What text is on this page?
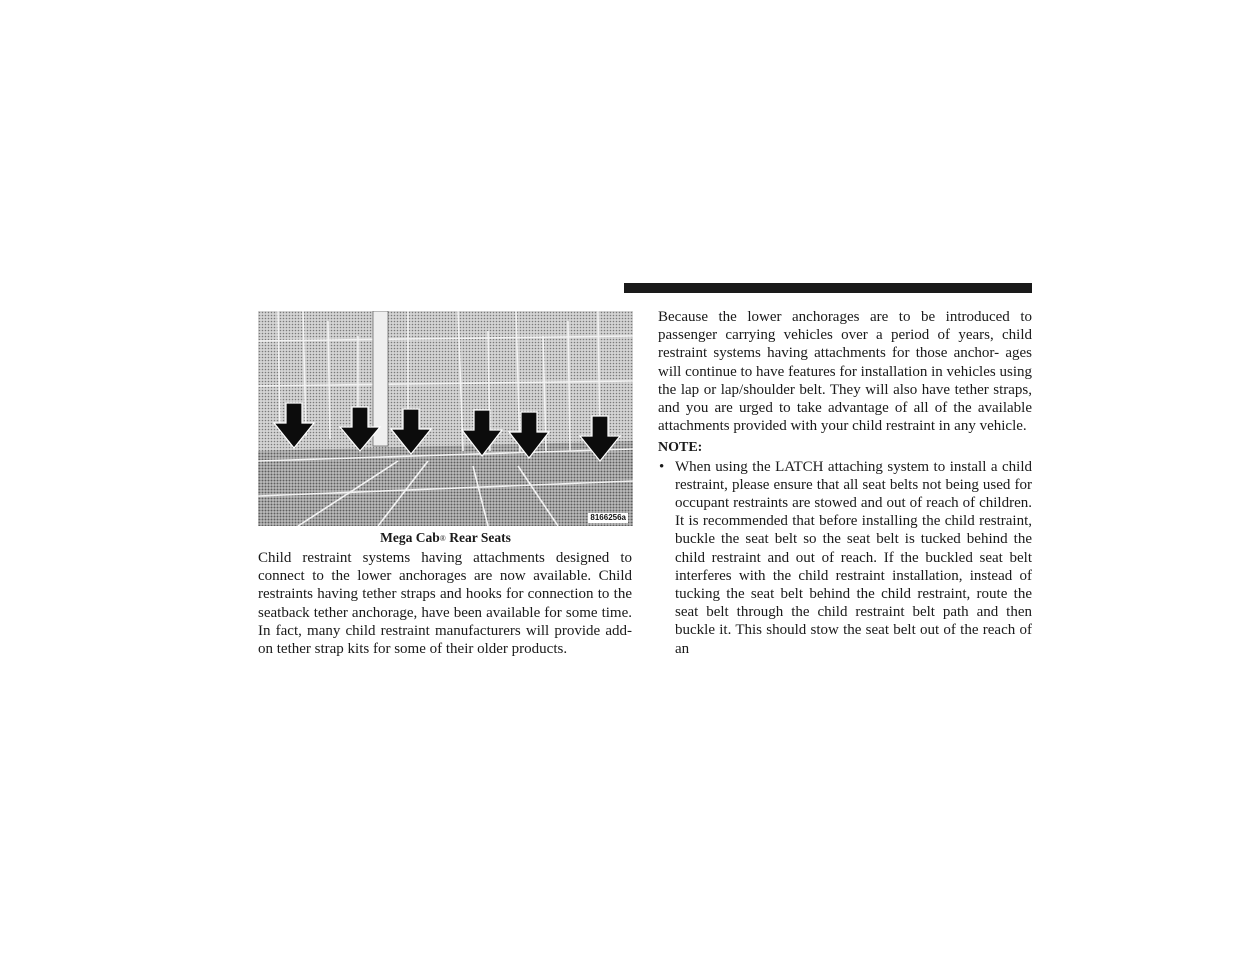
8166256a
Mega Cab® Rear Seats

Child restraint systems having attachments designed to connect to the lower anchorages are now available. Child restraints having tether straps and hooks for connection to the seatback tether anchorage, have been available for some time. In fact, many child restraint manufacturers will provide add-on tether strap kits for some of their older products.

Because the lower anchorages are to be introduced to passenger carrying vehicles over a period of years, child restraint systems having attachments for those anchor- ages will continue to have features for installation in vehicles using the lap or lap/shoulder belt. They will also have tether straps, and you are urged to take advantage of all of the available attachments provided with your child restraint in any vehicle.

NOTE:
• When using the LATCH attaching system to install a child restraint, please ensure that all seat belts not being used for occupant restraints are stowed and out of reach of children. It is recommended that before installing the child restraint, buckle the seat belt so the seat belt is tucked behind the child restraint and out of reach. If the buckled seat belt interferes with the child restraint installation, instead of tucking the seat belt behind the child restraint, route the seat belt through the child restraint belt path and then buckle it. This should stow the seat belt out of the reach of an
